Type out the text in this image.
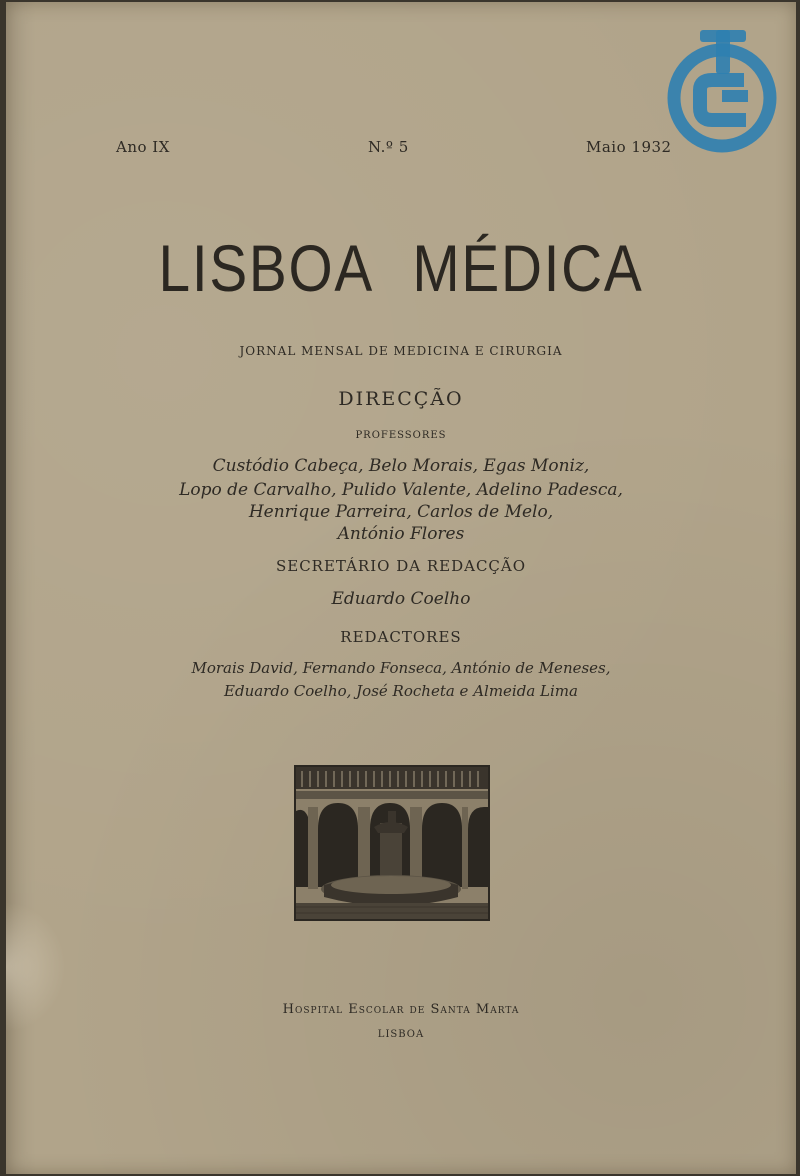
Ano IX	N.º 5	Maio 1932
LISBOA MÉDICA
JORNAL MENSAL DE MEDICINA E CIRURGIA
DIRECÇÃO
PROFESSORES
Custódio Cabeça, Belo Morais, Egas Moniz,
Lopo de Carvalho, Pulido Valente, Adelino Padesca,
Henrique Parreira, Carlos de Melo,
António Flores
SECRETÁRIO DA REDACÇÃO
Eduardo Coelho
REDACTORES
Morais David, Fernando Fonseca, António de Meneses,
Eduardo Coelho, José Rocheta e Almeida Lima
Hospital Escolar de Santa Marta
LISBOA
